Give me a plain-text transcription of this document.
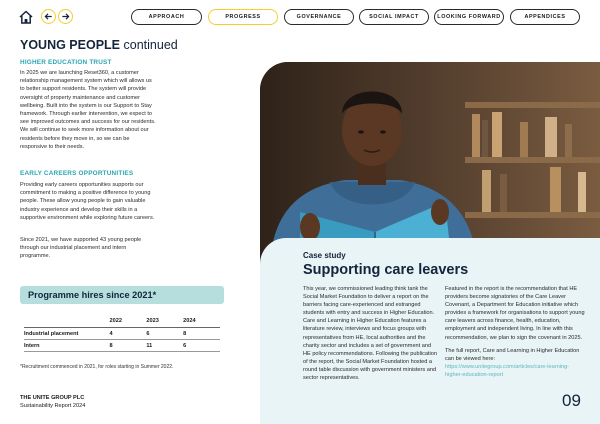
APPROACH	PROGRESS	GOVERNANCE	SOCIAL IMPACT	LOOKING FORWARD	APPENDICES
YOUNG PEOPLE continued
HIGHER EDUCATION TRUST
In 2025 we are launching Reset360, a customer relationship management system which will allows us to better support residents. The system will provide oversight of property maintenance and customer wellbeing. Built into the system is our Support to Stay framework. Through earlier intervention, we expect to see improved outcomes and success for our residents. We will continue to seek more information about our residents before they move in, so we can be responsive to their needs.
EARLY CAREERS OPPORTUNITIES
Providing early careers opportunities supports our commitment to making a positive difference to young people. These allow young people to gain valuable industry experience and develop their skills in a supportive environment while exploring future careers.
Since 2021, we have supported 43 young people through our industrial placement and intern programme.
Programme hires since 2021*
	2022	2023	2024
Industrial placement	4	6	8
Intern	8	11	6
*Recruitment commenced in 2021, for roles starting in Summer 2022.
THE UNITE GROUP PLC
Sustainability Report 2024
Case study
Supporting care leavers
This year, we commissioned leading think tank the Social Market Foundation to deliver a report on the barriers facing care-experienced and estranged students with entry and success in Higher Education. Care and Learning in Higher Education features a literature review, interviews and focus groups with representatives from HE, local authorities and the charity sector and includes a set of government and HE policy recommendations. Following the publication of the report, the Social Market Foundation hosted a round table discussion with government ministers and sector representatives.
Featured in the report is the recommendation that HE providers become signatories of the Care Leaver Covenant, a Department for Education initiative which provides a framework for organisations to support young care leavers across finance, health, education, employment and independent living. In line with this recommendation, we plan to sign the covenant in 2025.
The full report, Care and Learning in Higher Education can be viewed here: https://www.unitegroup.com/articles/care-learning-higher-education-report
09
